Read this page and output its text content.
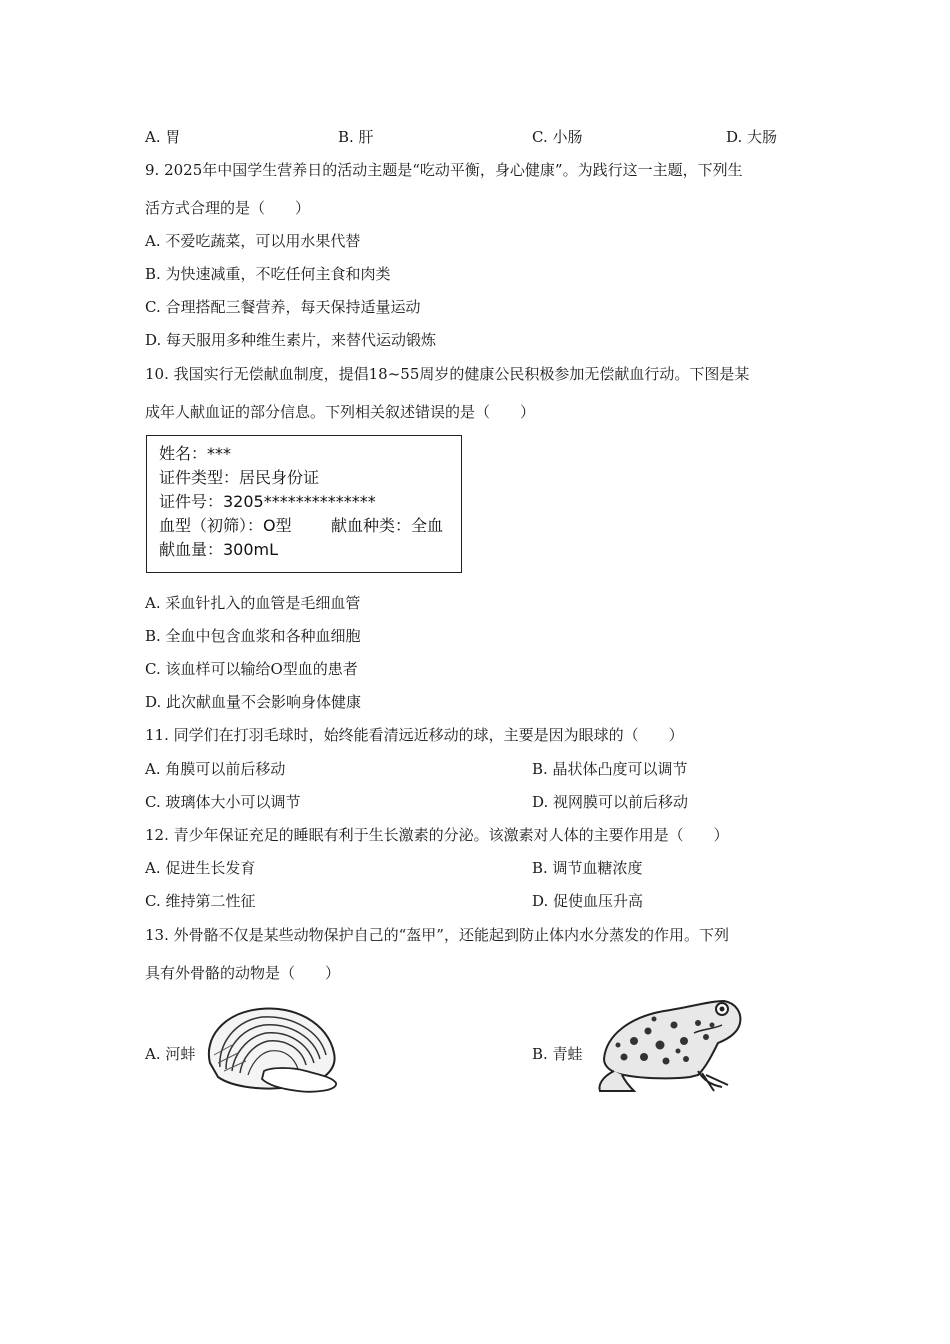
A. 胃	B. 肝	C. 小肠	D. 大肠
9. 2025年中国学生营养日的活动主题是“吃动平衡，身心健康”。为践行这一主题，下列生
活方式合理的是（　　）
A. 不爱吃蔬菜，可以用水果代替
B. 为快速减重，不吃任何主食和肉类
C. 合理搭配三餐营养，每天保持适量运动
D. 每天服用多种维生素片，来替代运动锻炼
10. 我国实行无偿献血制度，提倡18~55周岁的健康公民积极参加无偿献血行动。下图是某
成年人献血证的部分信息。下列相关叙述错误的是（　　）
姓名：***
证件类型：居民身份证
证件号：3205**************
血型（初筛）：O型 献血种类：全血
献血量：300mL
A. 采血针扎入的血管是毛细血管
B. 全血中包含血浆和各种血细胞
C. 该血样可以输给O型血的患者
D. 此次献血量不会影响身体健康
11. 同学们在打羽毛球时，始终能看清远近移动的球，主要是因为眼球的（　　）
A. 角膜可以前后移动	B. 晶状体凸度可以调节
C. 玻璃体大小可以调节	D. 视网膜可以前后移动
12. 青少年保证充足的睡眠有利于生长激素的分泌。该激素对人体的主要作用是（　　）
A. 促进生长发育	B. 调节血糖浓度
C. 维持第二性征	D. 促使血压升高
13. 外骨骼不仅是某些动物保护自己的“盔甲”，还能起到防止体内水分蒸发的作用。下列
具有外骨骼的动物是（　　）
A. 河蚌	B. 青蛙
